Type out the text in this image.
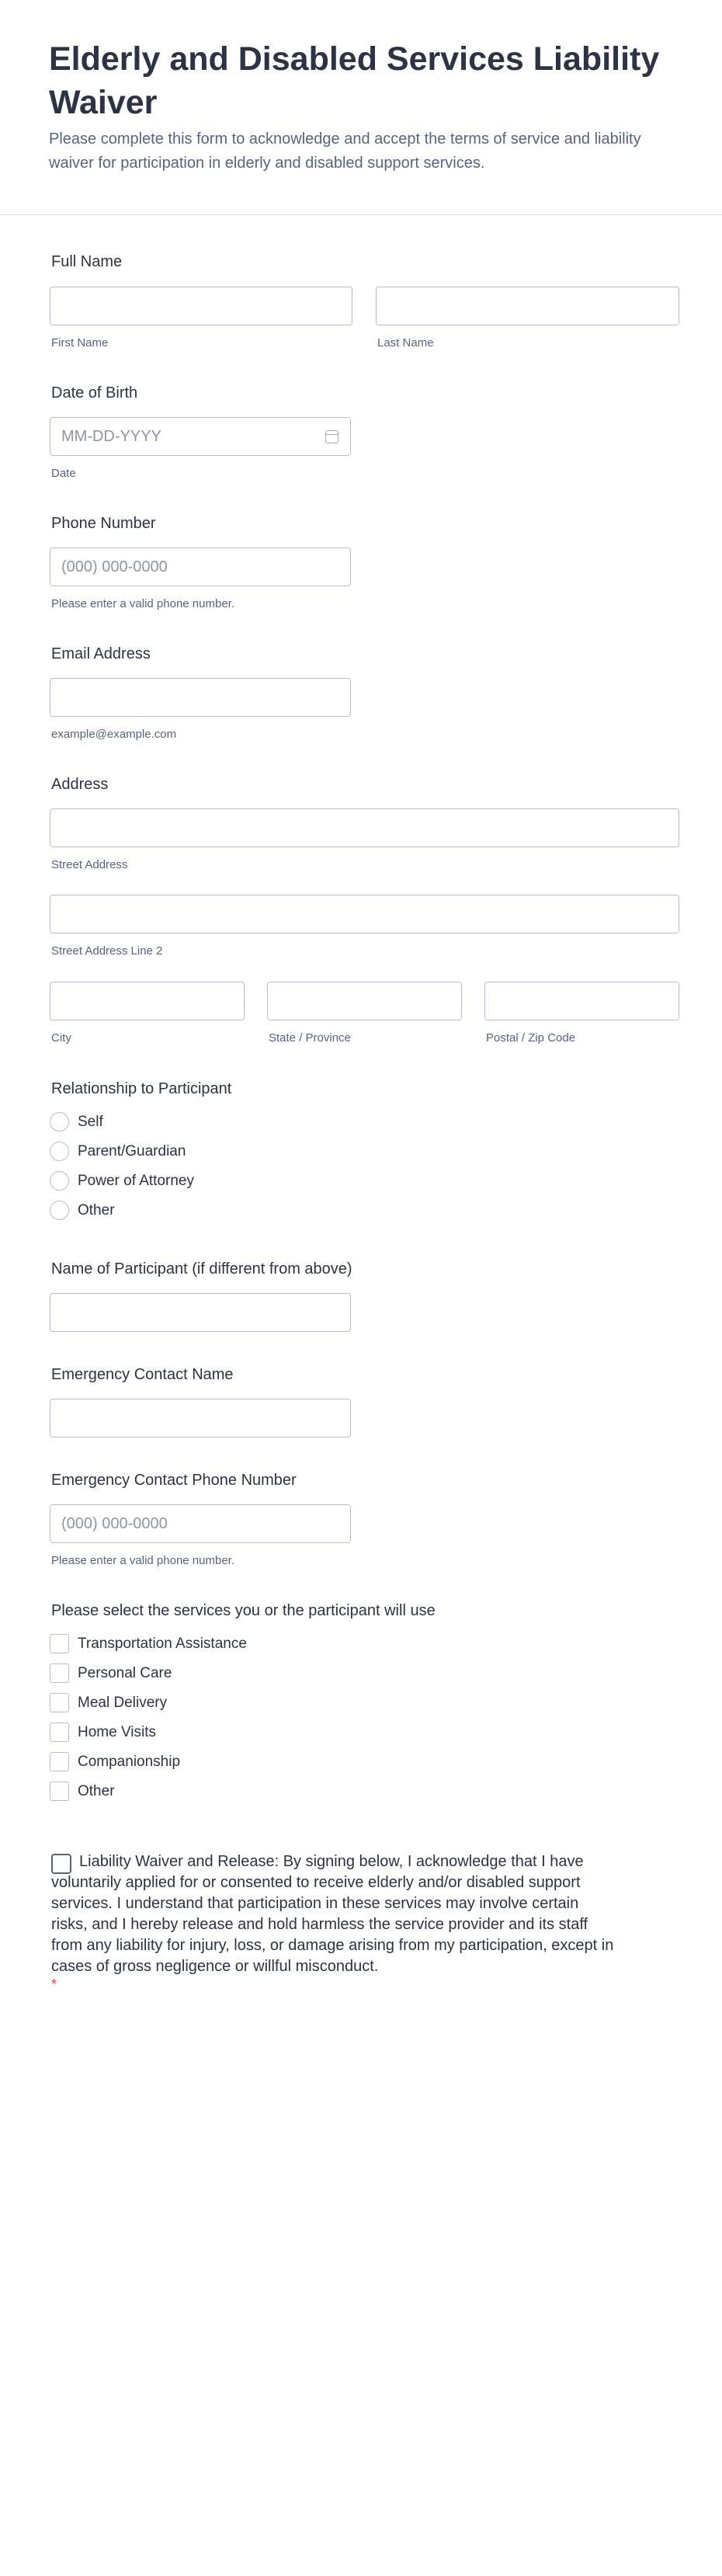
Elderly and Disabled Services Liability Waiver
Please complete this form to acknowledge and accept the terms of service and liability waiver for participation in elderly and disabled support services.
Full Name
First Name	Last Name
Date of Birth
MM-DD-YYYY
Date
Phone Number
(000) 000-0000
Please enter a valid phone number.
Email Address
example@example.com
Address
Street Address
Street Address Line 2
City	State / Province	Postal / Zip Code
Relationship to Participant
Self
Parent/Guardian
Power of Attorney
Other
Name of Participant (if different from above)
Emergency Contact Name
Emergency Contact Phone Number
(000) 000-0000
Please enter a valid phone number.
Please select the services you or the participant will use
Transportation Assistance
Personal Care
Meal Delivery
Home Visits
Companionship
Other
Liability Waiver and Release: By signing below, I acknowledge that I have voluntarily applied for or consented to receive elderly and/or disabled support services. I understand that participation in these services may involve certain risks, and I hereby release and hold harmless the service provider and its staff from any liability for injury, loss, or damage arising from my participation, except in cases of gross negligence or willful misconduct.
*
